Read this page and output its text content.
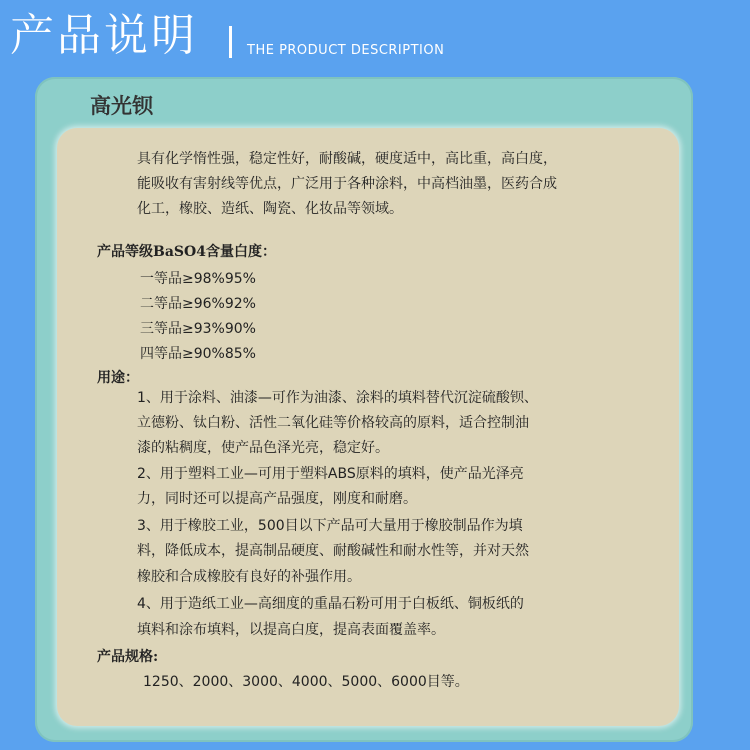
产品说明	THE PRODUCT DESCRIPTION
高光钡

具有化学惰性强，稳定性好，耐酸碱，硬度适中，高比重，高白度，

能吸收有害射线等优点，广泛用于各种涂料，中高档油墨，医药合成

化工，橡胶、造纸、陶瓷、化妆品等领域。

产品等级BaSO4含量白度：

一等品≥98%95%

二等品≥96%92%

三等品≥93%90%

四等品≥90%85%

用途：

1、用于涂料、油漆—可作为油漆、涂料的填料替代沉淀硫酸钡、

立德粉、钛白粉、活性二氧化硅等价格较高的原料，适合控制油

漆的粘稠度，使产品色泽光亮，稳定好。

2、用于塑料工业—可用于塑料ABS原料的填料，使产品光泽亮

力，同时还可以提高产品强度，刚度和耐磨。

3、用于橡胶工业，500目以下产品可大量用于橡胶制品作为填

料，降低成本，提高制品硬度、耐酸碱性和耐水性等，并对天然

橡胶和合成橡胶有良好的补强作用。

4、用于造纸工业—高细度的重晶石粉可用于白板纸、铜板纸的

填料和涂布填料，以提高白度，提高表面覆盖率。

产品规格:

1250、2000、3000、4000、5000、6000目等。
